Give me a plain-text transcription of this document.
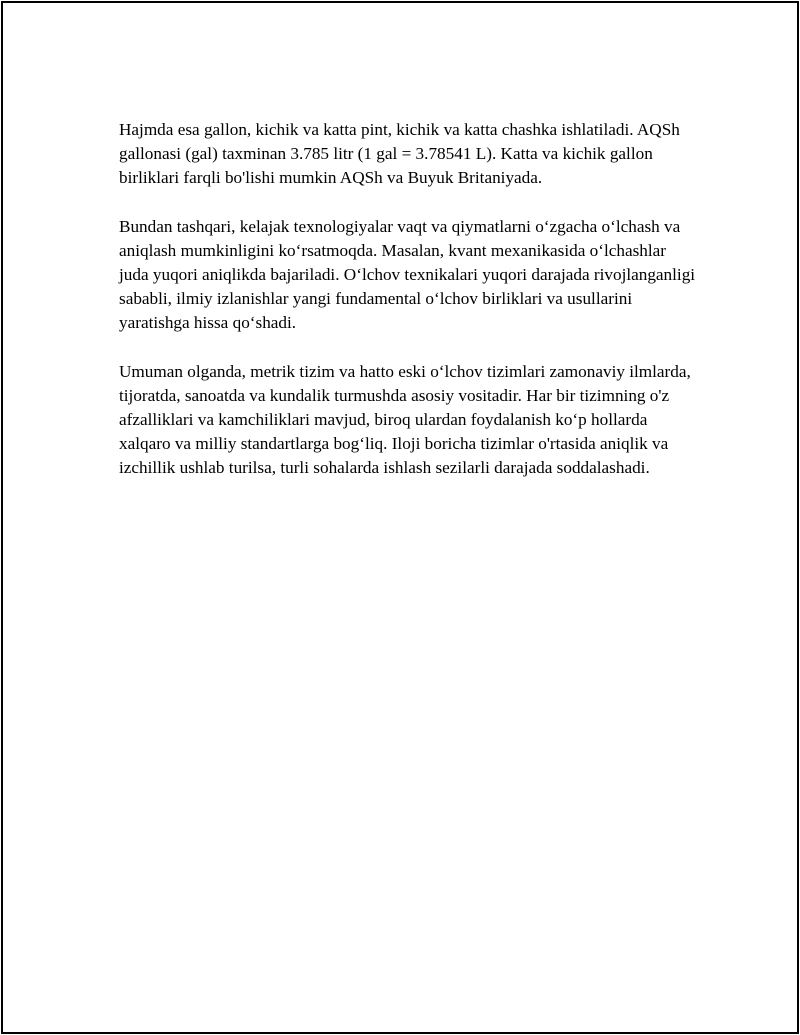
Hajmda esa gallon, kichik va katta pint, kichik va katta chashka ishlatiladi. AQSh gallonasi (gal) taxminan 3.785 litr (1 gal = 3.78541 L). Katta va kichik gallon birliklari farqli bo'lishi mumkin AQSh va Buyuk Britaniyada.

Bundan tashqari, kelajak texnologiyalar vaqt va qiymatlarni o‘zgacha o‘lchash va aniqlash mumkinligini ko‘rsatmoqda. Masalan, kvant mexanikasida o‘lchashlar juda yuqori aniqlikda bajariladi. O‘lchov texnikalari yuqori darajada rivojlanganligi sababli, ilmiy izlanishlar yangi fundamental o‘lchov birliklari va usullarini yaratishga hissa qo‘shadi.

Umuman olganda, metrik tizim va hatto eski o‘lchov tizimlari zamonaviy ilmlarda, tijoratda, sanoatda va kundalik turmushda asosiy vositadir. Har bir tizimning o'z afzalliklari va kamchiliklari mavjud, biroq ulardan foydalanish ko‘p hollarda xalqaro va milliy standartlarga bog‘liq. Iloji boricha tizimlar o'rtasida aniqlik va izchillik ushlab turilsa, turli sohalarda ishlash sezilarli darajada soddalashadi.
